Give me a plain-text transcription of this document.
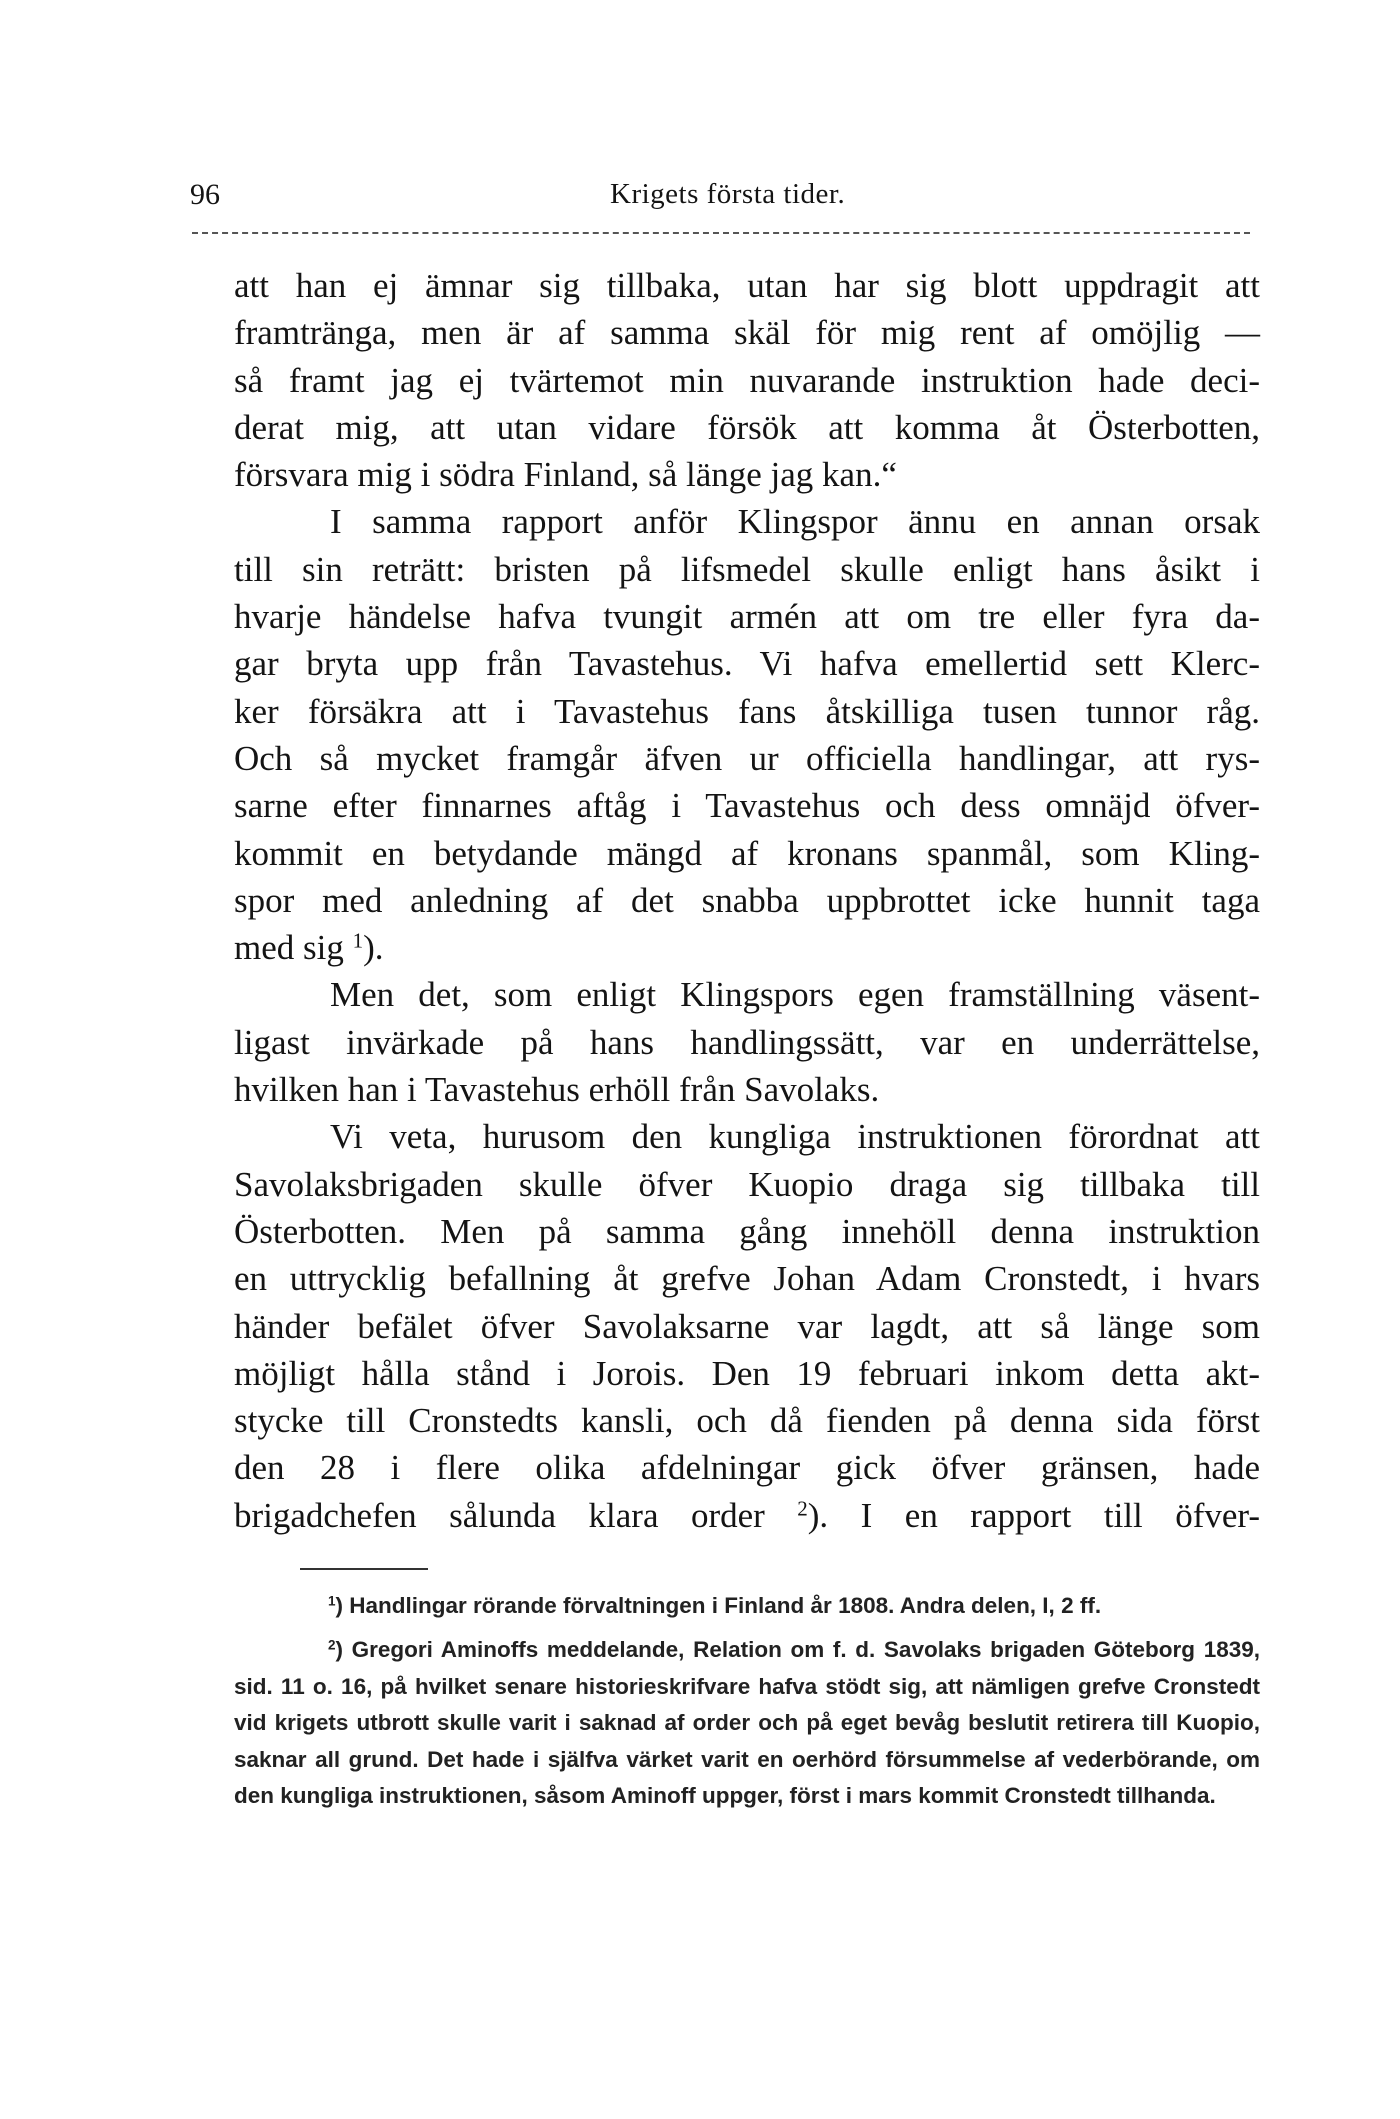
96	Krigets första tider.
att han ej ämnar sig tillbaka, utan har sig blott uppdragit att
framtränga, men är af samma skäl för mig rent af omöjlig —
så framt jag ej tvärtemot min nuvarande instruktion hade deci-
derat mig, att utan vidare försök att komma åt Österbotten,
försvara mig i södra Finland, så länge jag kan.“
I samma rapport anför Klingspor ännu en annan orsak
till sin reträtt: bristen på lifsmedel skulle enligt hans åsikt i
hvarje händelse hafva tvungit armén att om tre eller fyra da-
gar bryta upp från Tavastehus. Vi hafva emellertid sett Klerc-
ker försäkra att i Tavastehus fans åtskilliga tusen tunnor råg.
Och så mycket framgår äfven ur officiella handlingar, att rys-
sarne efter finnarnes aftåg i Tavastehus och dess omnäjd öfver-
kommit en betydande mängd af kronans spanmål, som Kling-
spor med anledning af det snabba uppbrottet icke hunnit taga
med sig $^1$).
Men det, som enligt Klingspors egen framställning väsent-
ligast invärkade på hans handlingssätt, var en underrättelse,
hvilken han i Tavastehus erhöll från Savolaks.
Vi veta, hurusom den kungliga instruktionen förordnat att
Savolaksbrigaden skulle öfver Kuopio draga sig tillbaka till
Österbotten. Men på samma gång innehöll denna instruktion
en uttrycklig befallning åt grefve Johan Adam Cronstedt, i hvars
händer befälet öfver Savolaksarne var lagdt, att så länge som
möjligt hålla stånd i Jorois. Den 19 februari inkom detta akt-
stycke till Cronstedts kansli, och då fienden på denna sida först
den 28 i flere olika afdelningar gick öfver gränsen, hade
brigadchefen sålunda klara order $^2$). I en rapport till öfver-
$^1$) Handlingar rörande förvaltningen i Finland år 1808. Andra delen, I, 2 ff.
$^2$) Gregori Aminoffs meddelande, Relation om f. d. Savolaks brigaden Göteborg 1839, sid. 11 o. 16, på hvilket senare historieskrifvare hafva stödt sig, att nämligen grefve Cronstedt vid krigets utbrott skulle varit i saknad af order och på eget bevåg beslutit retirera till Kuopio, saknar all grund. Det hade i själfva värket varit en oerhörd försummelse af vederbörande, om den kungliga instruktionen, såsom Aminoff uppger, först i mars kommit Cronstedt tillhanda.
